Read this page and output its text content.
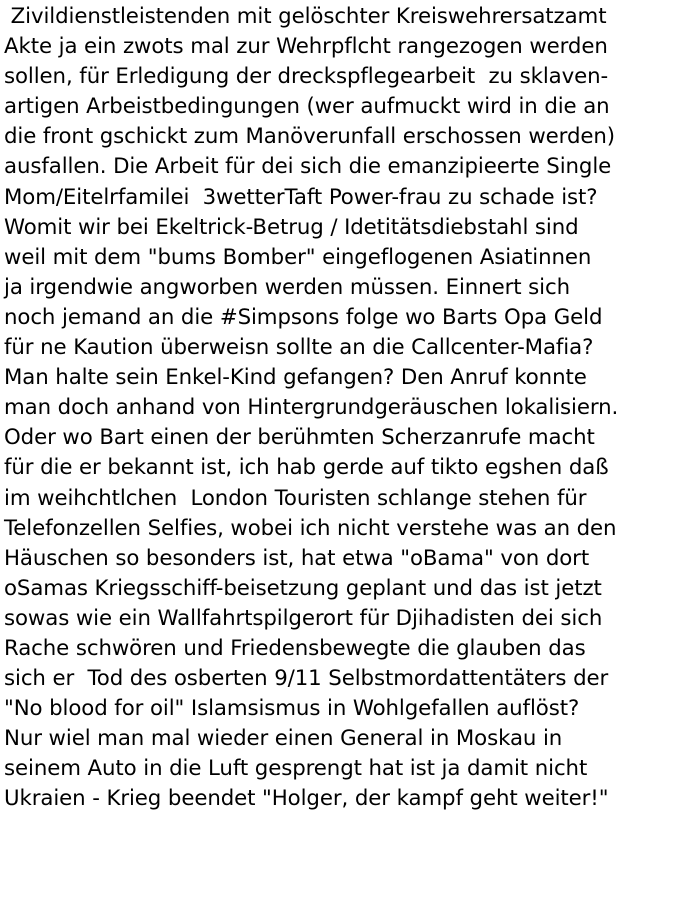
Zivildienstleistenden mit gelöschter Kreiswehrersatzamt
Akte ja ein zwots mal zur Wehrpflcht rangezogen werden
sollen, für Erledigung der dreckspflegearbeit  zu sklaven-
artigen Arbeistbedingungen (wer aufmuckt wird in die an
die front gschickt zum Manöverunfall erschossen werden)
ausfallen. Die Arbeit für dei sich die emanzipieerte Single
Mom/Eitelrfamilei  3wetterTaft Power-frau zu schade ist?
Womit wir bei Ekeltrick-Betrug / Idetitätsdiebstahl sind
weil mit dem "bums Bomber" eingeflogenen Asiatinnen
ja irgendwie angworben werden müssen. Einnert sich
noch jemand an die #Simpsons folge wo Barts Opa Geld
für ne Kaution überweisn sollte an die Callcenter-Mafia?
Man halte sein Enkel-Kind gefangen? Den Anruf konnte
man doch anhand von Hintergrundgeräuschen lokalisiern.
Oder wo Bart einen der berühmten Scherzanrufe macht
für die er bekannt ist, ich hab gerde auf tikto egshen daß
im weihchtlchen  London Touristen schlange stehen für
Telefonzellen Selfies, wobei ich nicht verstehe was an den
Häuschen so besonders ist, hat etwa "oBama" von dort
oSamas Kriegsschiff-beisetzung geplant und das ist jetzt
sowas wie ein Wallfahrtspilgerort für Djihadisten dei sich
Rache schwören und Friedensbewegte die glauben das
sich er  Tod des osberten 9/11 Selbstmordattentäters der
"No blood for oil" Islamsismus in Wohlgefallen auflöst?
Nur wiel man mal wieder einen General in Moskau in
seinem Auto in die Luft gesprengt hat ist ja damit nicht
Ukraien - Krieg beendet "Holger, der kampf geht weiter!"
